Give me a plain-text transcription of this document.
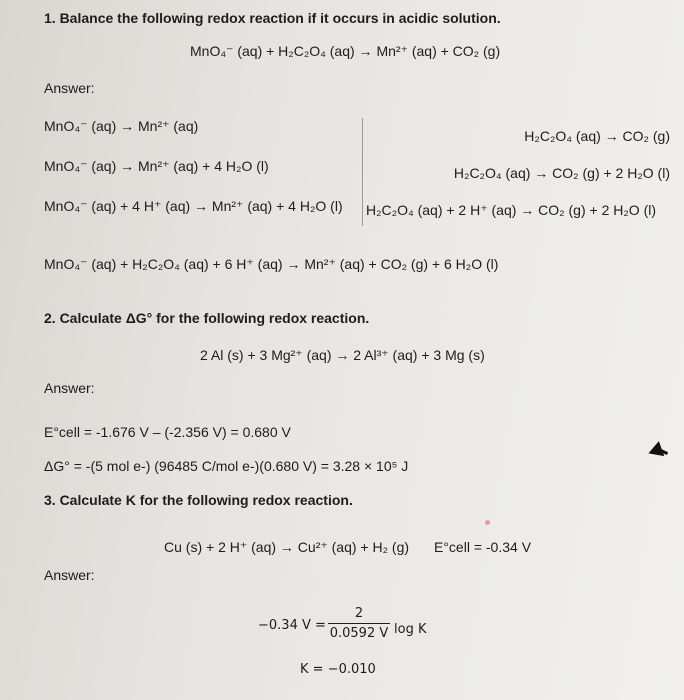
1. Balance the following redox reaction if it occurs in acidic solution.
MnO₄⁻ (aq) + H₂C₂O₄ (aq) → Mn²⁺ (aq) + CO₂ (g)
Answer:
MnO₄⁻ (aq) → Mn²⁺ (aq)
MnO₄⁻ (aq) → Mn²⁺ (aq) + 4 H₂O (l)
MnO₄⁻ (aq) + 4 H⁺ (aq) → Mn²⁺ (aq) + 4 H₂O (l)
H₂C₂O₄ (aq) → CO₂ (g)
H₂C₂O₄ (aq) → CO₂ (g) + 2 H₂O (l)
H₂C₂O₄ (aq) + 2 H⁺ (aq) → CO₂ (g) + 2 H₂O (l)
MnO₄⁻ (aq) + H₂C₂O₄ (aq) + 6 H⁺ (aq) → Mn²⁺ (aq) + CO₂ (g) + 6 H₂O (l)
2. Calculate ΔG° for the following redox reaction.
2 Al (s) + 3 Mg²⁺ (aq) → 2 Al³⁺ (aq) + 3 Mg (s)
Answer:
E°cell = -1.676 V – (-2.356 V) = 0.680 V
ΔG° = -(5 mol e-) (96485 C/mol e-)(0.680 V) = 3.28 × 10⁵ J
3. Calculate K for the following redox reaction.
Cu (s) + 2 H⁺ (aq) → Cu²⁺ (aq) + H₂ (g) E°cell = -0.34 V
Answer:
−0.34 V =
2
0.0592 V log K
K = −0.010
